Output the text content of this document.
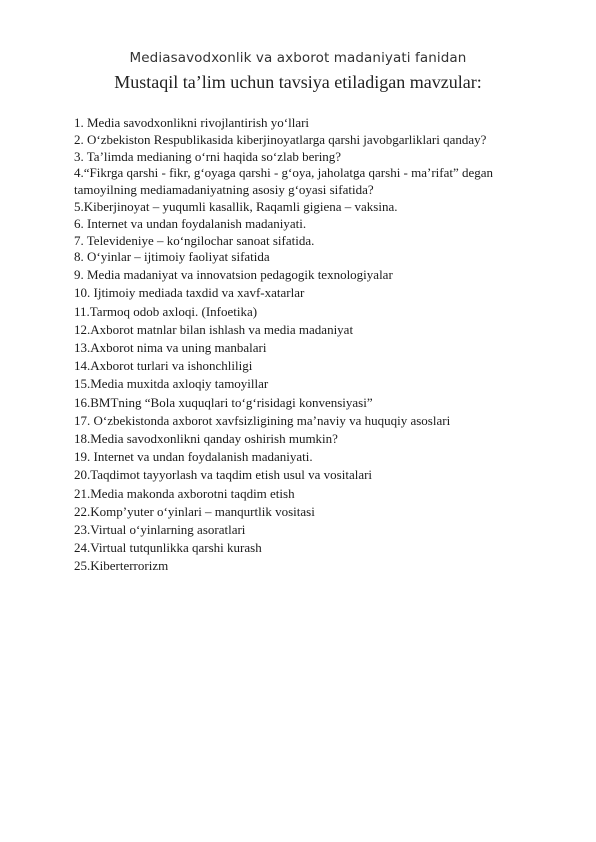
Mediasavodxonlik va axborot madaniyati fanidan
Mustaqil ta’lim uchun tavsiya etiladigan mavzular:
1. Media savodxonlikni rivojlantirish yo‘llari
2. O‘zbekiston Respublikasida kiberjinoyatlarga qarshi javobgarliklari qanday?
3. Ta’limda medianing o‘rni haqida so‘zlab bering?
4.“Fikrga qarshi - fikr, g‘oyaga qarshi - g‘oya, jaholatga qarshi - ma’rifat” degan tamoyilning mediamadaniyatning asosiy g‘oyasi sifatida?
5.Kiberjinoyat – yuqumli kasallik, Raqamli gigiena – vaksina.
6. Internet va undan foydalanish madaniyati.
7. Televideniye – ko‘ngilochar sanoat sifatida.
8. O‘yinlar – ijtimoiy faoliyat sifatida
9. Media madaniyat va innovatsion pedagogik texnologiyalar
10. Ijtimoiy mediada taxdid va xavf-xatarlar
11.Tarmoq odob axloqi. (Infoetika)
12.Axborot matnlar bilan ishlash va media madaniyat
13.Axborot nima va uning manbalari
14.Axborot turlari va ishonchliligi
15.Media muxitda axloqiy tamoyillar
16.BMTning “Bola xuquqlari to‘g‘risidagi konvensiyasi”
17. O‘zbekistonda axborot xavfsizligining ma’naviy va huquqiy asoslari
18.Media savodxonlikni qanday oshirish mumkin?
19. Internet va undan foydalanish madaniyati.
20.Taqdimot tayyorlash va taqdim etish usul va vositalari
21.Media makonda axborotni taqdim etish
22.Komp’yuter o‘yinlari – manqurtlik vositasi
23.Virtual o‘yinlarning asoratlari
24.Virtual tutqunlikka qarshi kurash
25.Kiberterrorizm
